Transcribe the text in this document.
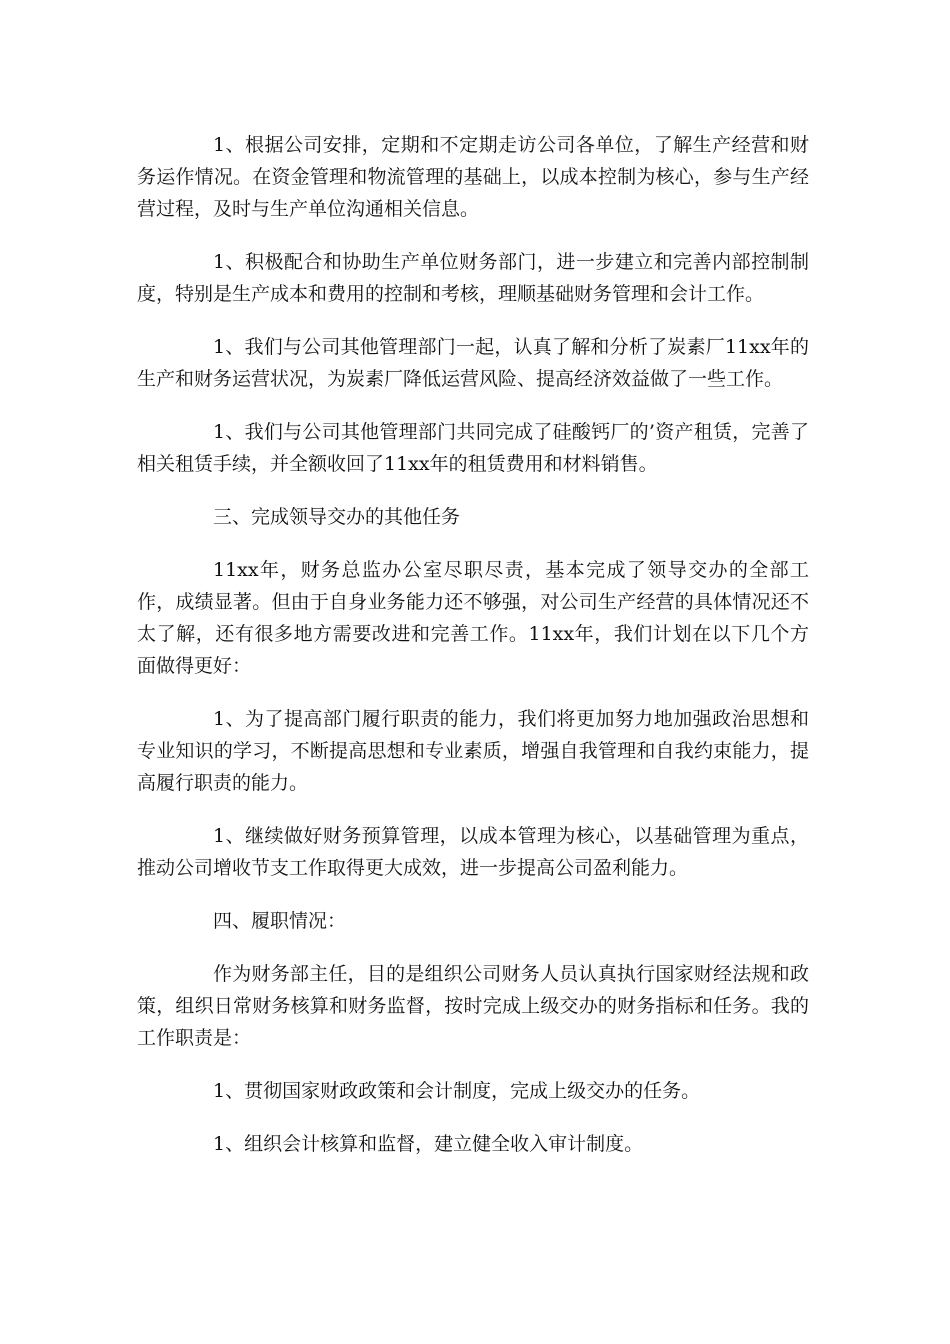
1、根据公司安排，定期和不定期走访公司各单位，了解生产经营和财务运作情况。在资金管理和物流管理的基础上，以成本控制为核心，参与生产经营过程，及时与生产单位沟通相关信息。

1、积极配合和协助生产单位财务部门，进一步建立和完善内部控制制度，特别是生产成本和费用的控制和考核，理顺基础财务管理和会计工作。

1、我们与公司其他管理部门一起，认真了解和分析了炭素厂11xx年的生产和财务运营状况，为炭素厂降低运营风险、提高经济效益做了一些工作。

1、我们与公司其他管理部门共同完成了硅酸钙厂的’资产租赁，完善了相关租赁手续，并全额收回了11xx年的租赁费用和材料销售。

三、完成领导交办的其他任务

11xx年，财务总监办公室尽职尽责，基本完成了领导交办的全部工作，成绩显著。但由于自身业务能力还不够强，对公司生产经营的具体情况还不太了解，还有很多地方需要改进和完善工作。11xx年，我们计划在以下几个方面做得更好：

1、为了提高部门履行职责的能力，我们将更加努力地加强政治思想和专业知识的学习，不断提高思想和专业素质，增强自我管理和自我约束能力，提高履行职责的能力。

1、继续做好财务预算管理，以成本管理为核心，以基础管理为重点，推动公司增收节支工作取得更大成效，进一步提高公司盈利能力。

四、履职情况：

作为财务部主任，目的是组织公司财务人员认真执行国家财经法规和政策，组织日常财务核算和财务监督，按时完成上级交办的财务指标和任务。我的工作职责是：

1、贯彻国家财政政策和会计制度，完成上级交办的任务。

1、组织会计核算和监督，建立健全收入审计制度。
